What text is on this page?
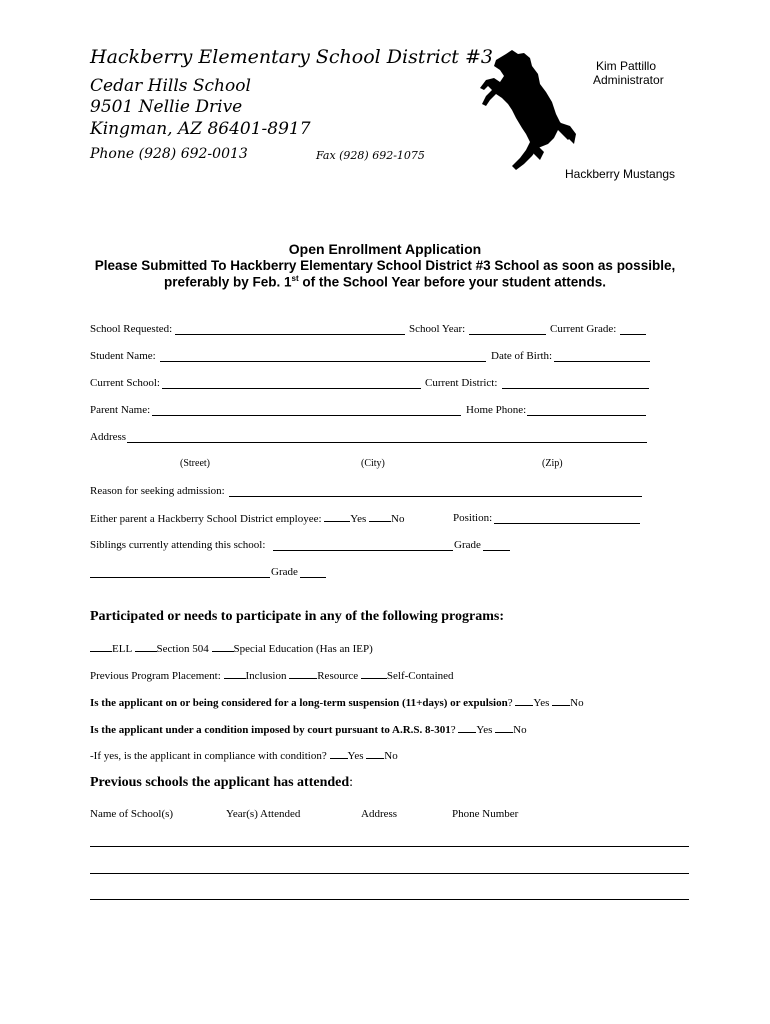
Hackberry Elementary School District #3
Cedar Hills School
9501 Nellie Drive
Kingman, AZ 86401-8917
Phone (928) 692-0013	Fax (928) 692-1075
Kim Pattillo
Administrator
Hackberry Mustangs
Open Enrollment Application
Please Submitted To Hackberry Elementary School District #3 School as soon as possible,
preferably by Feb. 1st of the School Year before your student attends.
School Requested:	School Year:	Current Grade:
Student Name:	Date of Birth:
Current School:	Current District:
Parent Name:	Home Phone:
Address
(Street)	(City)	(Zip)
Reason for seeking admission:
Either parent a Hackberry School District employee:	Yes No	Position:
Siblings currently attending this school:	Grade
Grade
Participated or needs to participate in any of the following programs:
ELL Section 504 Special Education (Has an IEP)
Previous Program Placement: Inclusion	Resource	Self-Contained
Is the applicant on or being considered for a long-term suspension (11+days) or expulsion? Yes No
Is the applicant under a condition imposed by court pursuant to A.R.S. 8-301? Yes No
-If yes, is the applicant in compliance with condition? Yes No
Previous schools the applicant has attended:
Name of School(s)	Year(s) Attended	Address	Phone Number
